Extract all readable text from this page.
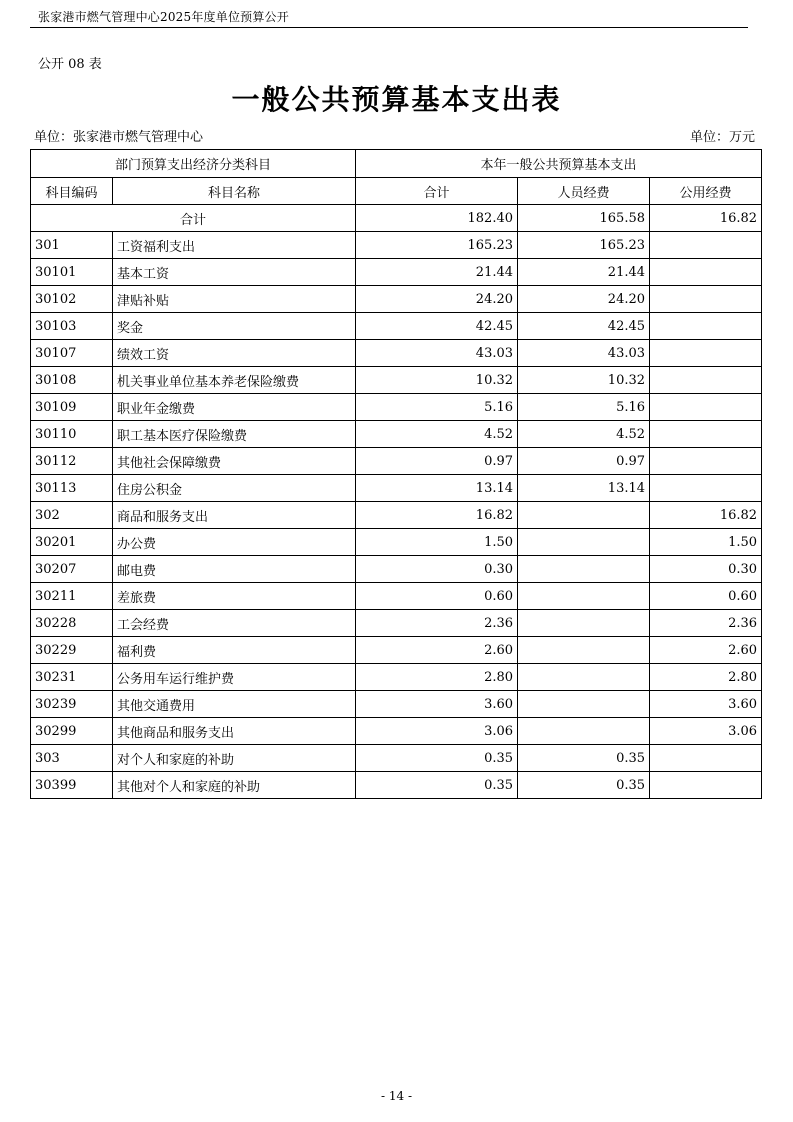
张家港市燃气管理中心2025年度单位预算公开
公开 08 表
一般公共预算基本支出表
单位：张家港市燃气管理中心	单位：万元
部门预算支出经济分类科目		本年一般公共预算基本支出		
科目编码	科目名称	合计	人员经费	公用经费
合计		182.40	165.58	16.82
301	工资福利支出	165.23	165.23	
30101	基本工资	21.44	21.44	
30102	津贴补贴	24.20	24.20	
30103	奖金	42.45	42.45	
30107	绩效工资	43.03	43.03	
30108	机关事业单位基本养老保险缴费	10.32	10.32	
30109	职业年金缴费	5.16	5.16	
30110	职工基本医疗保险缴费	4.52	4.52	
30112	其他社会保障缴费	0.97	0.97	
30113	住房公积金	13.14	13.14	
302	商品和服务支出	16.82		16.82
30201	办公费	1.50		1.50
30207	邮电费	0.30		0.30
30211	差旅费	0.60		0.60
30228	工会经费	2.36		2.36
30229	福利费	2.60		2.60
30231	公务用车运行维护费	2.80		2.80
30239	其他交通费用	3.60		3.60
30299	其他商品和服务支出	3.06		3.06
303	对个人和家庭的补助	0.35	0.35	
30399	其他对个人和家庭的补助	0.35	0.35	
- 14 -
